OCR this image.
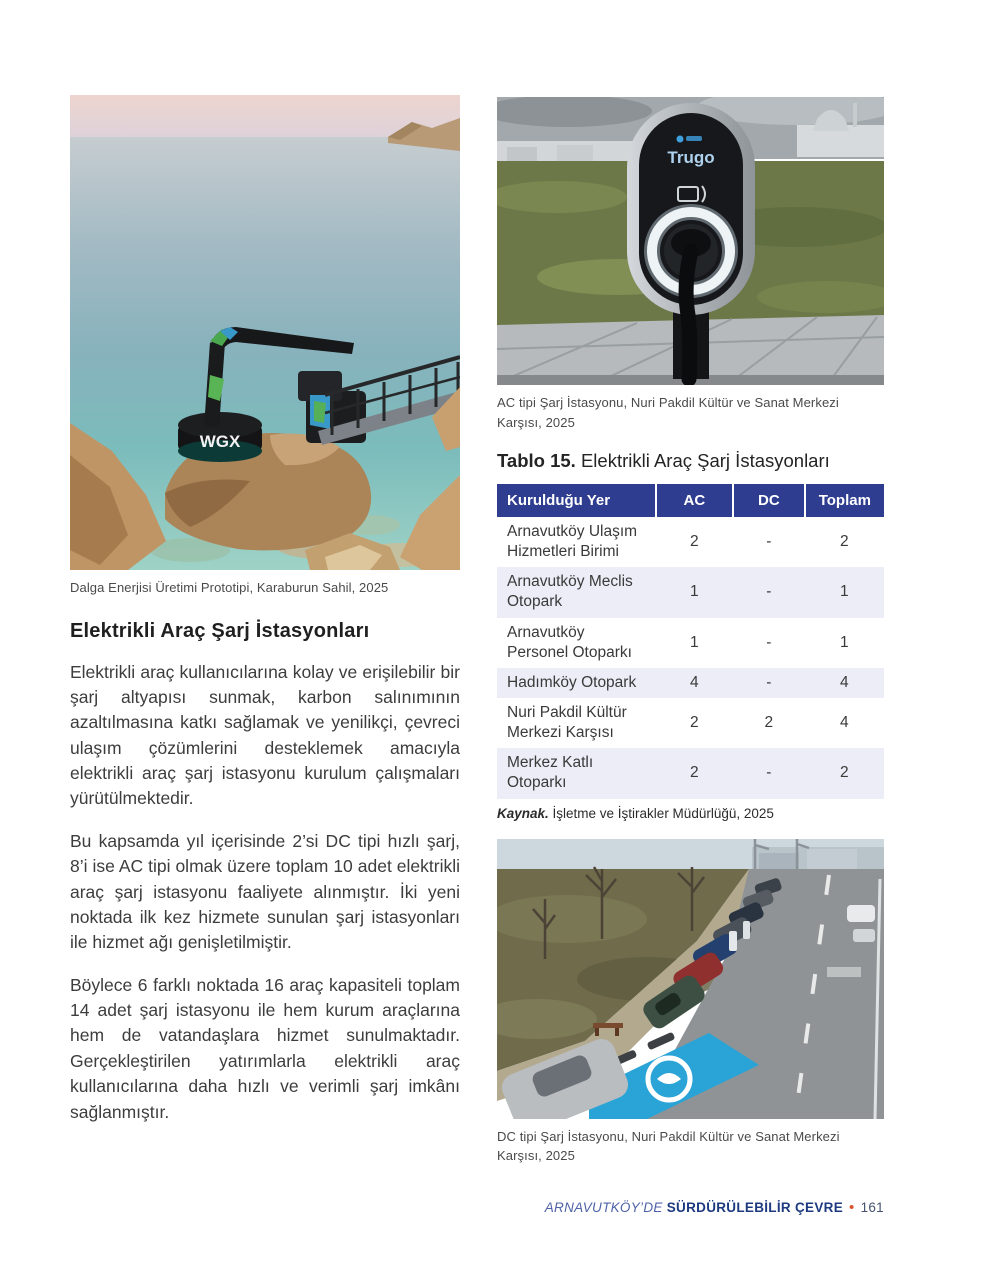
WGX
Dalga Enerjisi Üretimi Prototipi, Karaburun Sahil, 2025
Elektrikli Araç Şarj İstasyonları

Elektrikli araç kullanıcılarına kolay ve erişilebilir bir şarj altyapısı sunmak, karbon salınımının azaltılmasına katkı sağlamak ve yenilikçi, çevreci ulaşım çözümlerini desteklemek amacıyla elektrikli araç şarj istasyonu kurulum çalışmaları yürütülmektedir.

Bu kapsamda yıl içerisinde 2’si DC tipi hızlı şarj, 8’i ise AC tipi olmak üzere toplam 10 adet elektrikli araç şarj istasyonu faaliyete alınmıştır. İki yeni noktada ilk kez hizmete sunulan şarj istasyonları ile hizmet ağı genişletilmiştir.

Böylece 6 farklı noktada 16 araç kapasiteli toplam 14 adet şarj istasyonu ile hem kurum araçlarına hem de vatandaşlara hizmet sunulmaktadır. Gerçekleştirilen yatırımlarla elektrikli araç kullanıcılarına daha hızlı ve verimli şarj imkânı sağlanmıştır.

Trugo
AC tipi Şarj İstasyonu, Nuri Pakdil Kültür ve Sanat Merkezi Karşısı, 2025
Tablo 15. Elektrikli Araç Şarj İstasyonları
Kurulduğu Yer	AC	DC	Toplam
Arnavutköy Ulaşım Hizmetleri Birimi	2	-	2
Arnavutköy Meclis Otopark	1	-	1
Arnavutköy Personel Otoparkı	1	-	1
Hadımköy Otopark	4	-	4
Nuri Pakdil Kültür Merkezi Karşısı	2	2	4
Merkez Katlı Otoparkı	2	-	2
Kaynak. İşletme ve İştirakler Müdürlüğü, 2025
DC tipi Şarj İstasyonu, Nuri Pakdil Kültür ve Sanat Merkezi Karşısı, 2025
ARNAVUTKÖY’DE SÜRDÜRÜLEBİLİR ÇEVRE • 161
